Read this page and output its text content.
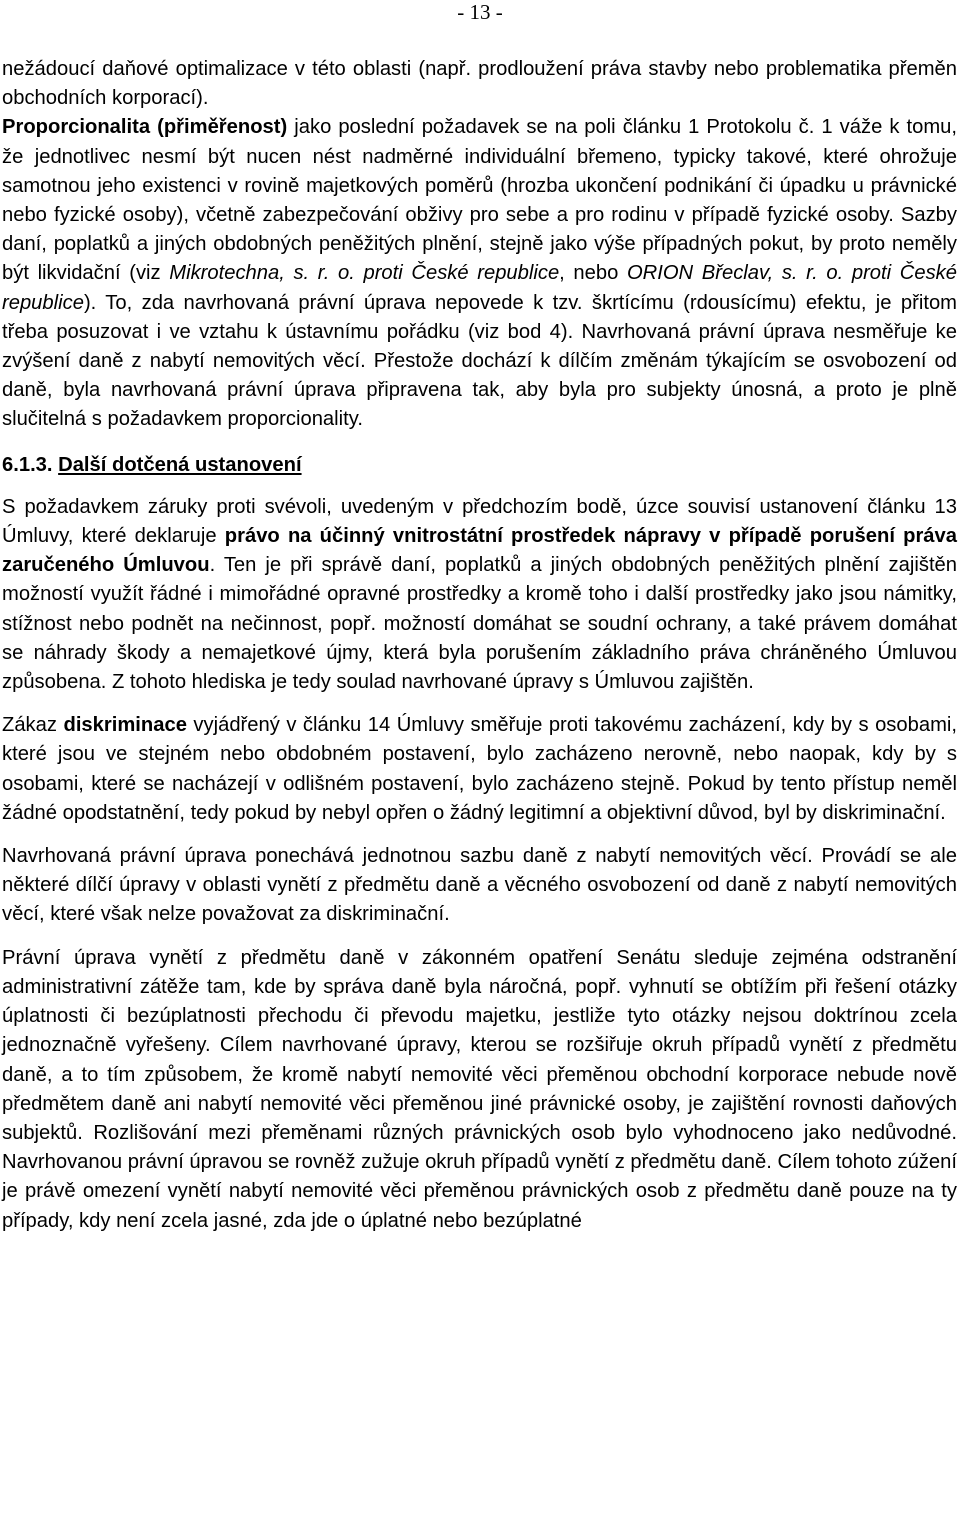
- 13 -

nežádoucí daňové optimalizace v této oblasti (např. prodloužení práva stavby nebo problematika přeměn obchodních korporací).

Proporcionalita (přiměřenost) jako poslední požadavek se na poli článku 1 Protokolu č. 1 váže k tomu, že jednotlivec nesmí být nucen nést nadměrné individuální břemeno, typicky takové, které ohrožuje samotnou jeho existenci v rovině majetkových poměrů (hrozba ukončení podnikání či úpadku u právnické nebo fyzické osoby), včetně zabezpečování obživy pro sebe a pro rodinu v případě fyzické osoby. Sazby daní, poplatků a jiných obdobných peněžitých plnění, stejně jako výše případných pokut, by proto neměly být likvidační (viz Mikrotechna, s. r. o. proti České republice, nebo ORION Břeclav, s. r. o. proti České republice). To, zda navrhovaná právní úprava nepovede k tzv. škrtícímu (rdousícímu) efektu, je přitom třeba posuzovat i ve vztahu k ústavnímu pořádku (viz bod 4). Navrhovaná právní úprava nesměřuje ke zvýšení daně z nabytí nemovitých věcí. Přestože dochází k dílčím změnám týkajícím se osvobození od daně, byla navrhovaná právní úprava připravena tak, aby byla pro subjekty únosná, a proto je plně slučitelná s požadavkem proporcionality.

6.1.3. Další dotčená ustanovení

S požadavkem záruky proti svévoli, uvedeným v předchozím bodě, úzce souvisí ustanovení článku 13 Úmluvy, které deklaruje právo na účinný vnitrostátní prostředek nápravy v případě porušení práva zaručeného Úmluvou. Ten je při správě daní, poplatků a jiných obdobných peněžitých plnění zajištěn možností využít řádné i mimořádné opravné prostředky a kromě toho i další prostředky jako jsou námitky, stížnost nebo podnět na nečinnost, popř. možností domáhat se soudní ochrany, a také právem domáhat se náhrady škody a nemajetkové újmy, která byla porušením základního práva chráněného Úmluvou způsobena. Z tohoto hlediska je tedy soulad navrhované úpravy s Úmluvou zajištěn.

Zákaz diskriminace vyjádřený v článku 14 Úmluvy směřuje proti takovému zacházení, kdy by s osobami, které jsou ve stejném nebo obdobném postavení, bylo zacházeno nerovně, nebo naopak, kdy by s osobami, které se nacházejí v odlišném postavení, bylo zacházeno stejně. Pokud by tento přístup neměl žádné opodstatnění, tedy pokud by nebyl opřen o žádný legitimní a objektivní důvod, byl by diskriminační.

Navrhovaná právní úprava ponechává jednotnou sazbu daně z nabytí nemovitých věcí. Provádí se ale některé dílčí úpravy v oblasti vynětí z předmětu daně a věcného osvobození od daně z nabytí nemovitých věcí, které však nelze považovat za diskriminační.

Právní úprava vynětí z předmětu daně v zákonném opatření Senátu sleduje zejména odstranění administrativní zátěže tam, kde by správa daně byla náročná, popř. vyhnutí se obtížím při řešení otázky úplatnosti či bezúplatnosti přechodu či převodu majetku, jestliže tyto otázky nejsou doktrínou zcela jednoznačně vyřešeny. Cílem navrhované úpravy, kterou se rozšiřuje okruh případů vynětí z předmětu daně, a to tím způsobem, že kromě nabytí nemovité věci přeměnou obchodní korporace nebude nově předmětem daně ani nabytí nemovité věci přeměnou jiné právnické osoby, je zajištění rovnosti daňových subjektů. Rozlišování mezi přeměnami různých právnických osob bylo vyhodnoceno jako nedůvodné. Navrhovanou právní úpravou se rovněž zužuje okruh případů vynětí z předmětu daně. Cílem tohoto zúžení je právě omezení vynětí nabytí nemovité věci přeměnou právnických osob z předmětu daně pouze na ty případy, kdy není zcela jasné, zda jde o úplatné nebo bezúplatné
